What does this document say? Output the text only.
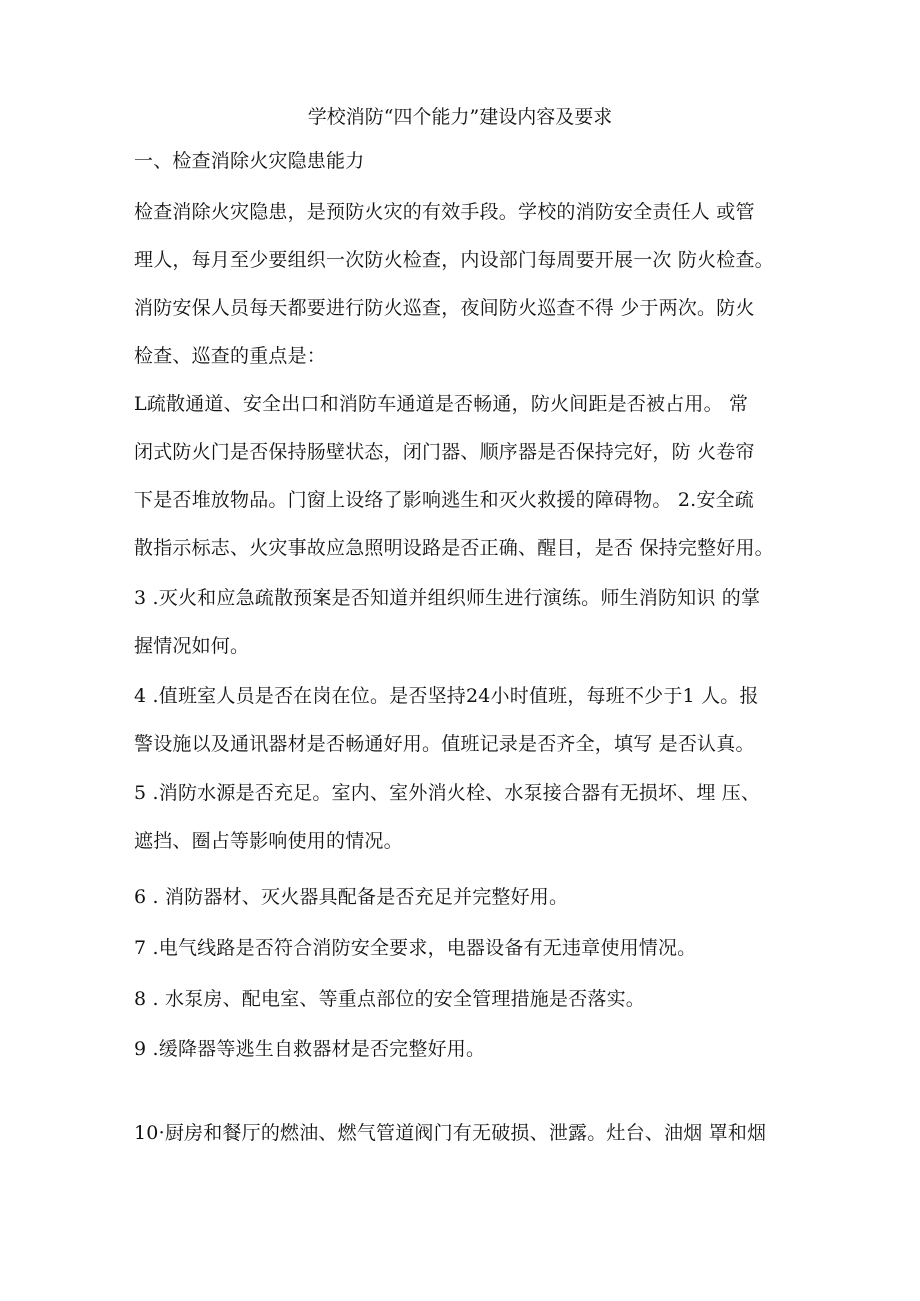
学校消防“四个能力”建设内容及要求
一、检查消除火灾隐患能力
检查消除火灾隐患，是预防火灾的有效手段。学校的消防安全责任人 或管
理人，每月至少要组织一次防火检查，内设部门每周要开展一次 防火检查。
消防安保人员每天都要进行防火巡查，夜间防火巡查不得 少于两次。防火
检查、巡查的重点是：
L疏散通道、安全出口和消防车通道是否畅通，防火间距是否被占用。 常
闭式防火门是否保持肠壁状态，闭门器、顺序器是否保持完好，防 火卷帘
下是否堆放物品。门窗上设络了影响逃生和灭火救援的障碍物。 2.安全疏
散指示标志、火灾事故应急照明设路是否正确、醒目，是否 保持完整好用。
3 .灭火和应急疏散预案是否知道并组织师生进行演练。师生消防知识 的掌
握情况如何。
4 .值班室人员是否在岗在位。是否坚持24小时值班，每班不少于1 人。报
警设施以及通讯器材是否畅通好用。值班记录是否齐全，填写 是否认真。
5 .消防水源是否充足。室内、室外消火栓、水泵接合器有无损坏、埋 压、
遮挡、圈占等影响使用的情况。
6 . 消防器材、灭火器具配备是否充足并完整好用。
7 .电气线路是否符合消防安全要求，电器设备有无违章使用情况。
8 . 水泵房、配电室、等重点部位的安全管理措施是否落实。
9 .缓降器等逃生自救器材是否完整好用。
10·厨房和餐厅的燃油、燃气管道阀门有无破损、泄露。灶台、油烟 罩和烟
